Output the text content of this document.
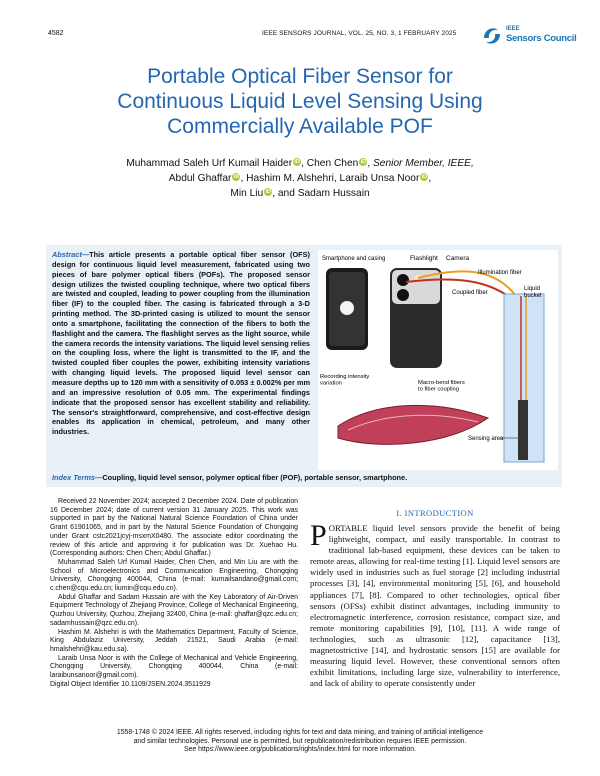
4582	IEEE SENSORS JOURNAL, VOL. 25, NO. 3, 1 FEBRUARY 2025
IEEE
Sensors Council
Portable Optical Fiber Sensor for
Continuous Liquid Level Sensing Using
Commercially Available POF
Muhammad Saleh Urf Kumail Haider iD, Chen Chen iD, Senior Member, IEEE,
Abdul Ghaffar iD, Hashim M. Alshehri, Laraib Unsa Noor iD,
Min Liu iD, and Sadam Hussain
Abstract—This article presents a portable optical fiber sensor (OFS) design for continuous liquid level measurement, fabricated using two pieces of bare polymer optical fibers (POFs). The proposed sensor design utilizes the twisted coupling technique, where two optical fibers are twisted and coupled, leading to power coupling from the illumination fiber (IF) to the coupled fiber. The casing is fabricated through a 3-D printing method. The 3D-printed casing is utilized to mount the sensor onto a smartphone, facilitating the connection of the fibers to both the flashlight and the camera. The flashlight serves as the light source, while the camera records the intensity variations. The liquid level sensing relies on the coupling loss, where the light is transmitted to the IF, and the twisted coupled fiber couples the power, exhibiting intensity variations with changing liquid levels. The proposed liquid level sensor can measure depths up to 120 mm with a sensitivity of 0.053 ± 0.002% per mm and an impressive resolution of 0.05 mm. The experimental findings indicate that the proposed sensor has excellent stability and reliability. The sensor's straightforward, comprehensive, and cost-effective design enables its application in chemical, petroleum, and many other industries.
Smartphone and casing	Flashlight Camera
Illumination fiber
Coupled fiber
Liquid bucket
Recording intensity variation	Macro-bend fibers to fiber coupling
Sensing area
Index Terms—Coupling, liquid level sensor, polymer optical fiber (POF), portable sensor, smartphone.

Received 22 November 2024; accepted 2 December 2024. Date of publication 16 December 2024; date of current version 31 January 2025. This work was supported in part by the National Natural Science Foundation of China under Grant 61901065, and in part by the Natural Science Foundation of Chongqing under Grant cstc2021jcyj-msxmX0480. The associate editor coordinating the review of this article and approving it for publication was Dr. Xuehao Hu. (Corresponding authors: Chen Chen; Abdul Ghaffar.)

Muhammad Saleh Urf Kumail Haider, Chen Chen, and Min Liu are with the School of Microelectronics and Communication Engineering, Chongqing University, Chongqing 400044, China (e-mail: kumailsandano@gmail.com; c.chen@cqu.edu.cn; liumin@cqu.edu.cn).

Abdul Ghaffar and Sadam Hussain are with the Key Laboratory of Air-Driven Equipment Technology of Zhejiang Province, College of Mechanical Engineering, Quzhou University, Quzhou, Zhejiang 32400, China (e-mail: ghaffar@qzc.edu.cn; sadamhussain@qzc.edu.cn).

Hashim M. Alshehri is with the Mathematics Department, Faculty of Science, King Abdulaziz University, Jeddah 21521, Saudi Arabia (e-mail: hmalshehri@kau.edu.sa).

Laraib Unsa Noor is with the College of Mechanical and Vehicle Engineering, Chongqing University, Chongqing 400044, China (e-mail: laraibunsanoor@gmail.com).

Digital Object Identifier 10.1109/JSEN.2024.3511929

I. INTRODUCTION
PORTABLE liquid level sensors provide the benefit of being lightweight, compact, and easily transportable. In contrast to traditional lab-based equipment, these devices can be taken to remote areas, allowing for real-time testing [1]. Liquid level sensors are widely used in industries such as fuel storage [2] including industrial processes [3], [4], environmental monitoring [5], [6], and household appliances [7], [8]. Compared to other technologies, optical fiber sensors (OFSs) exhibit distinct advantages, including immunity to electromagnetic interference, corrosion resistance, compact size, and remote monitoring capabilities [9], [10], [11]. A wide range of technologies, such as ultrasonic [12], capacitance [13], magnetostrictive [14], and hydrostatic sensors [15] are available for measuring liquid level. However, these conventional sensors often exhibit limitations, including large size, vulnerability to interference, and lack of ability to operate consistently under
1558-1748 © 2024 IEEE. All rights reserved, including rights for text and data mining, and training of artificial intelligence
and similar technologies. Personal use is permitted, but republication/redistribution requires IEEE permission.
See https://www.ieee.org/publications/rights/index.html for more information.
